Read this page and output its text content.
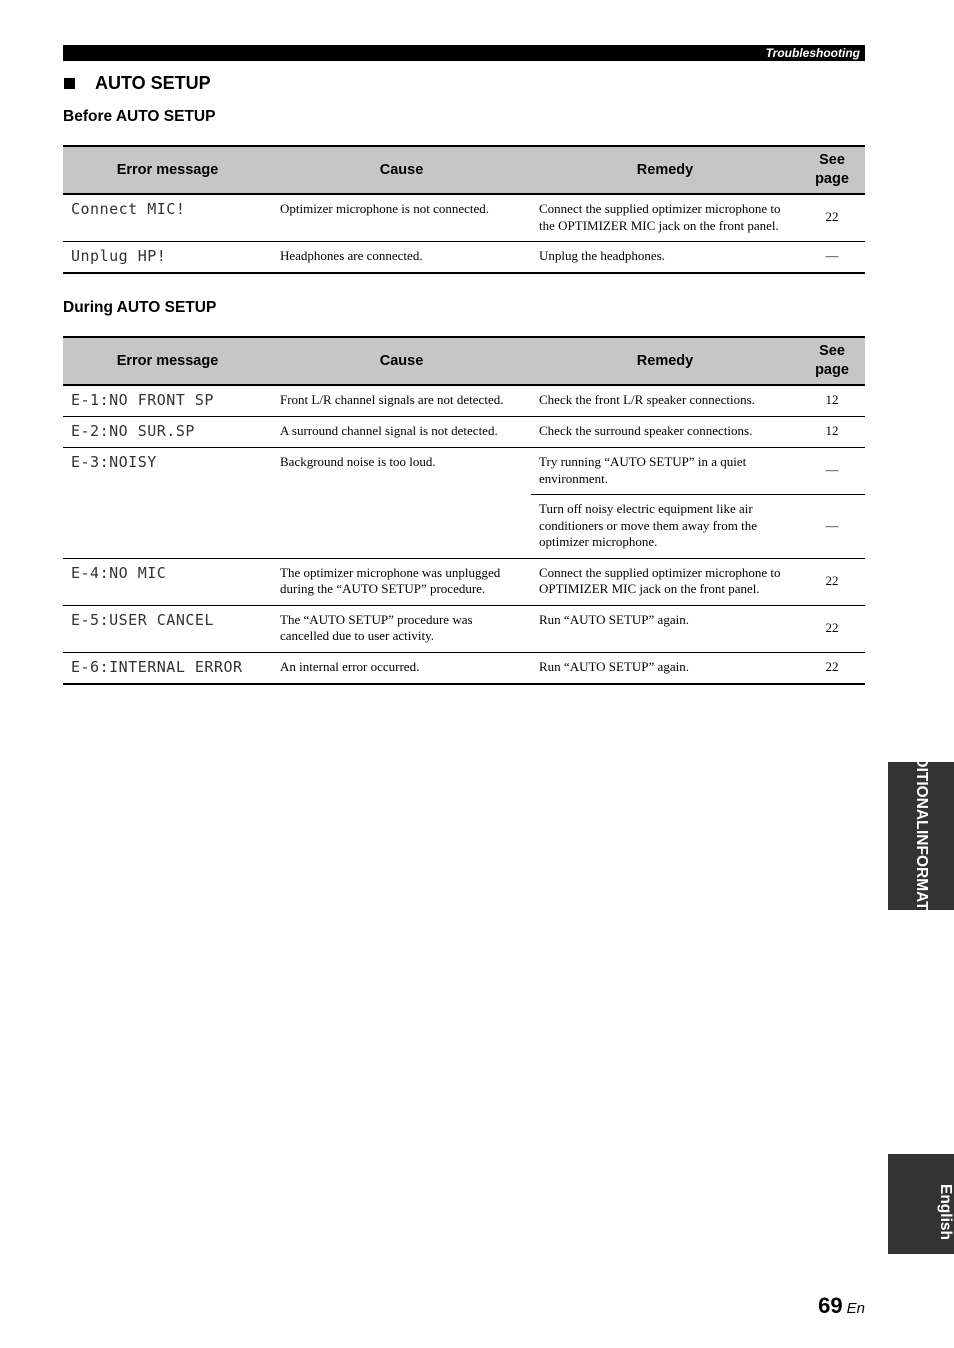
Troubleshooting
AUTO SETUP
Before AUTO SETUP
Error message	Cause	Remedy	See
page
Connect MIC!	Optimizer microphone is not connected.	Connect the supplied optimizer microphone to the OPTIMIZER MIC jack on the front panel.	22
Unplug HP!	Headphones are connected.	Unplug the headphones.	—
During AUTO SETUP
Error message	Cause	Remedy	See
page
E-1:NO FRONT SP	Front L/R channel signals are not detected.	Check the front L/R speaker connections.	12
E-2:NO SUR.SP	A surround channel signal is not detected.	Check the surround speaker connections.	12
E-3:NOISY	Background noise is too loud.	Try running “AUTO SETUP” in a quiet environment.	—
		Turn off noisy electric equipment like air conditioners or move them away from the optimizer microphone.	—
E-4:NO MIC	The optimizer microphone was unplugged during the “AUTO SETUP” procedure.	Connect the supplied optimizer microphone to OPTIMIZER MIC jack on the front panel.	22
E-5:USER CANCEL	The “AUTO SETUP” procedure was cancelled due to user activity.	Run “AUTO SETUP” again.	22
E-6:INTERNAL ERROR	An internal error occurred.	Run “AUTO SETUP” again.	22
ADDITIONAL
INFORMATION
English
69 En
